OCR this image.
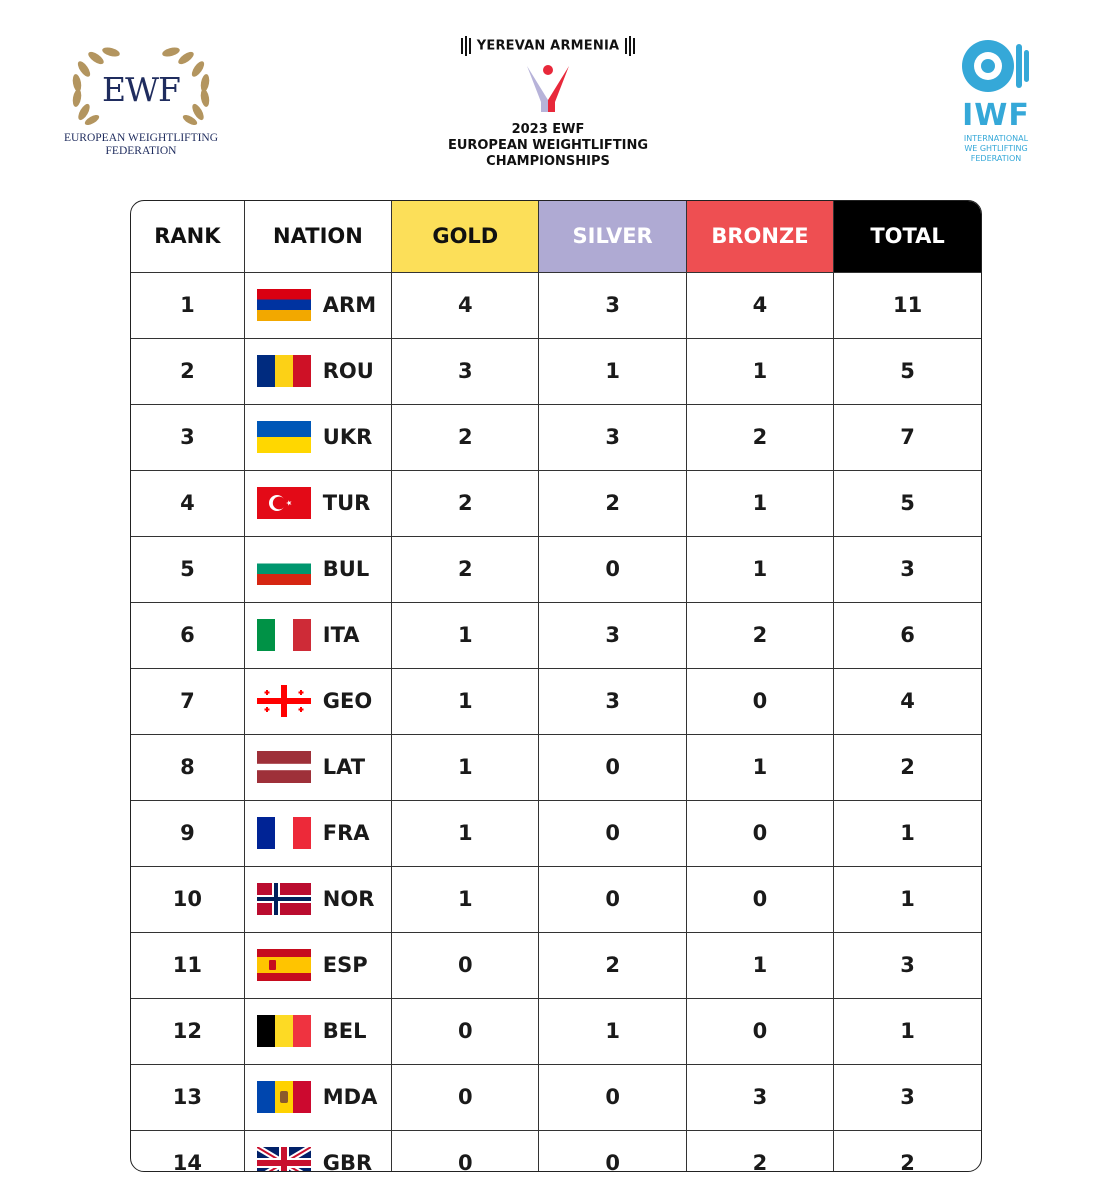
EWF
EUROPEAN WEIGHTLIFTING
FEDERATION
YEREVAN ARMENIA
2023 EWF
EUROPEAN WEIGHTLIFTING
CHAMPIONSHIPS
IWF
INTERNATIONAL
WE GHTLIFTING
FEDERATION
RANK	NATION	GOLD	SILVER	BRONZE	TOTAL
1	ARM	4	3	4	11
2	ROU	3	1	1	5
3	UKR	2	3	2	7
4	TUR	2	2	1	5
5	BUL	2	0	1	3
6	ITA	1	3	2	6
7	GEO	1	3	0	4
8	LAT	1	0	1	2
9	FRA	1	0	0	1
10	NOR	1	0	0	1
11	ESP	0	2	1	3
12	BEL	0	1	0	1
13	MDA	0	0	3	3
14	GBR	0	0	2	2
